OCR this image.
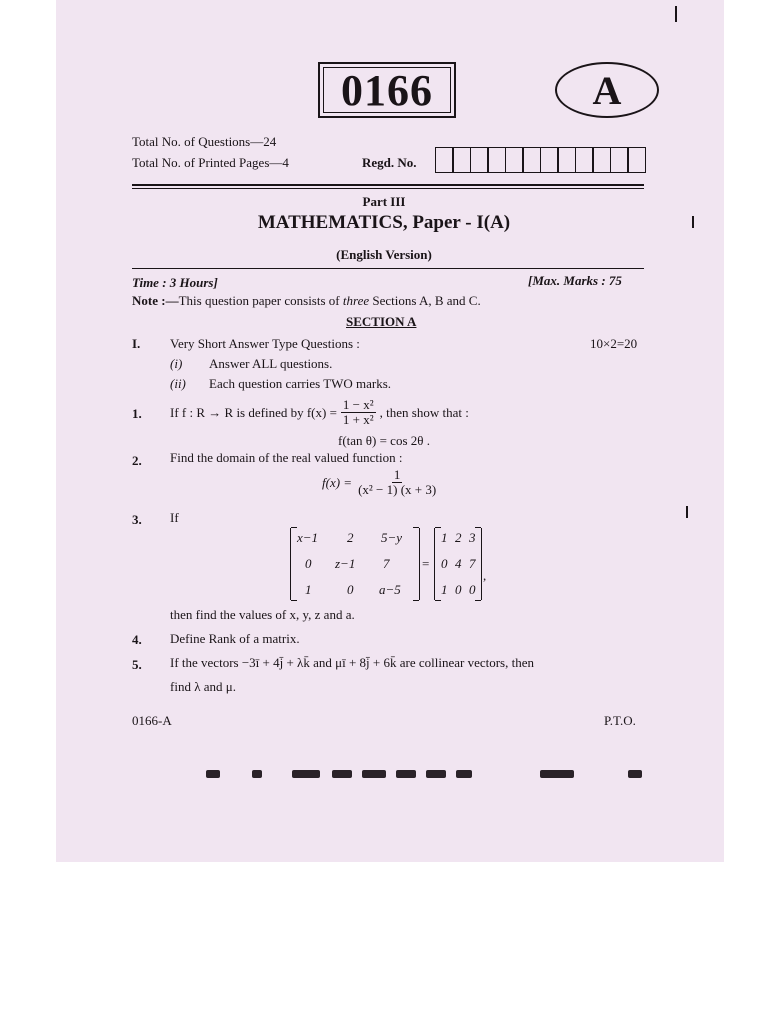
0166	A
Total No. of Questions—24
Total No. of Printed Pages—4	Regd. No.
Part III
MATHEMATICS, Paper - I(A)
(English Version)
Time : 3 Hours]	[Max. Marks : 75
Note :—This question paper consists of three Sections A, B and C.
SECTION A
I. Very Short Answer Type Questions :	10×2=20
(i) Answer ALL questions.
(ii) Each question carries TWO marks.
1. If f : R → R is defined by $f(x) = \frac{\text{1 − x²}}{\text{1 + x²}}$ , then show that :
f(tan θ) = cos 2θ .
2. Find the domain of the real valued function :
$f(x) = \frac{1}{\text{(x² − 1) (x + 3)}}$
3. If
x−1 2 5−y
0 z−1 7
1	0 a−5
=
1 2 3
0 4 7
1 0 0
,
then find the values of x, y, z and a.
4. Define Rank of a matrix.
5. If the vectors −3ī + 4j̄ + λk̄ and μī + 8j̄ + 6k̄ are collinear vectors, then
find λ and μ.
0166-A	P.T.O.
